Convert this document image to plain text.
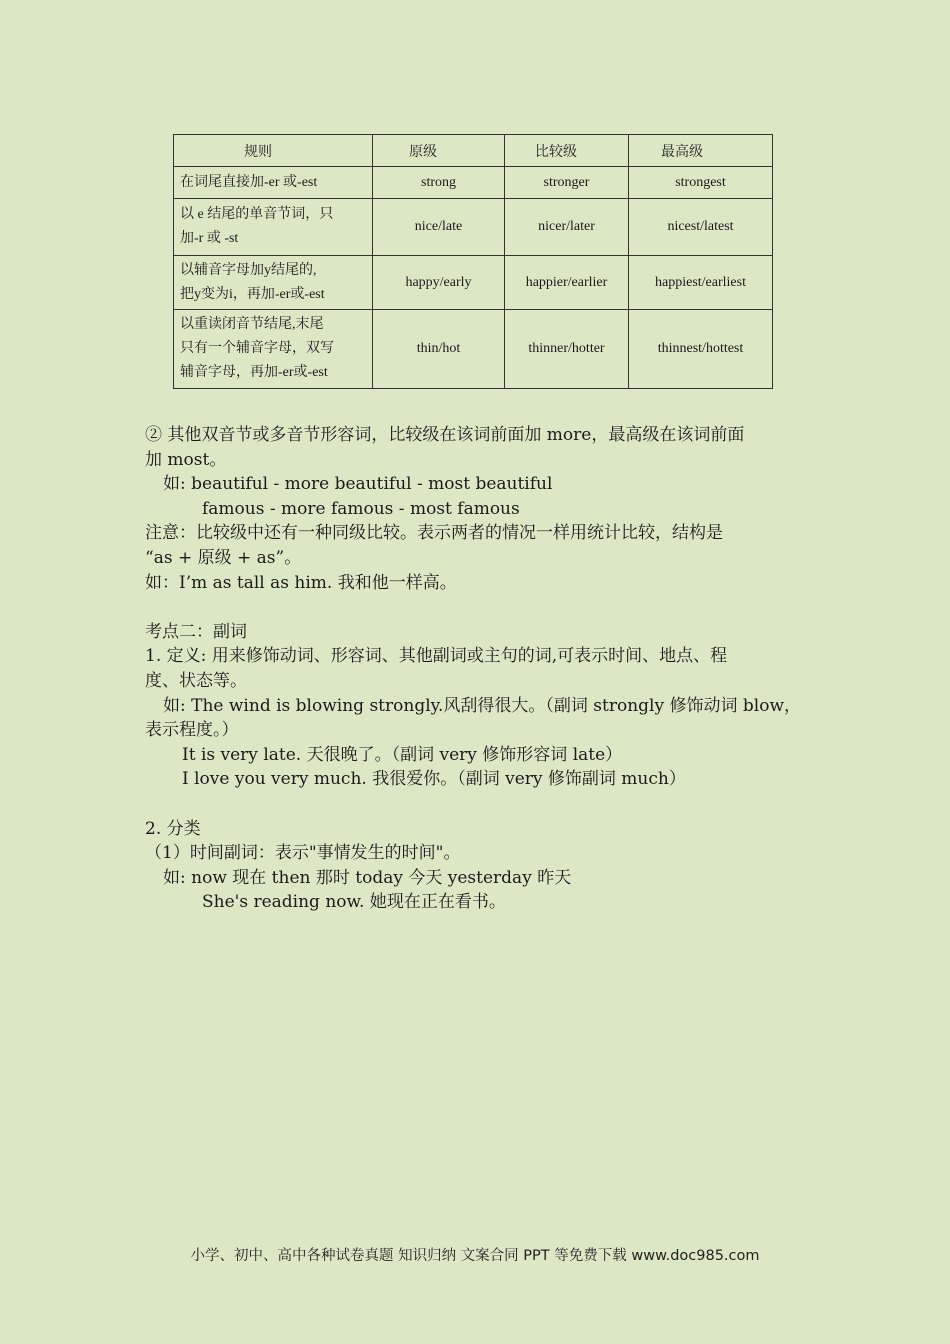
规则	原级	比较级	最高级
在词尾直接加-er 或-est	strong	stronger	strongest
以 e 结尾的单音节词，只
加-r 或 -st	nice/late	nicer/later	nicest/latest
以辅音字母加y结尾的,
把y变为i，再加-er或-est	happy/early	happier/earlier	happiest/earliest
以重读闭音节结尾,末尾
只有一个辅音字母，双写
辅音字母，再加-er或-est	thin/hot	thinner/hotter	thinnest/hottest

② 其他双音节或多音节形容词，比较级在该词前面加 more，最高级在该词前面

加 most。

如: beautiful - more beautiful - most beautiful

famous - more famous - most famous

注意：比较级中还有一种同级比较。表示两者的情况一样用统计比较，结构是

“as + 原级 + as”。

如：I’m as tall as him. 我和他一样高。

考点二：副词

1. 定义: 用来修饰动词、形容词、其他副词或主句的词,可表示时间、地点、程

度、状态等。

如: The wind is blowing strongly.风刮得很大。（副词 strongly 修饰动词 blow，

表示程度。）

It is very late. 天很晚了。（副词 very 修饰形容词 late）

I love you very much. 我很爱你。（副词 very 修饰副词 much）

2. 分类

（1）时间副词：表示"事情发生的时间"。

如: now 现在 then 那时 today 今天 yesterday 昨天

She's reading now. 她现在正在看书。

小学、初中、高中各种试卷真题 知识归纳 文案合同 PPT 等免费下载 www.doc985.com
